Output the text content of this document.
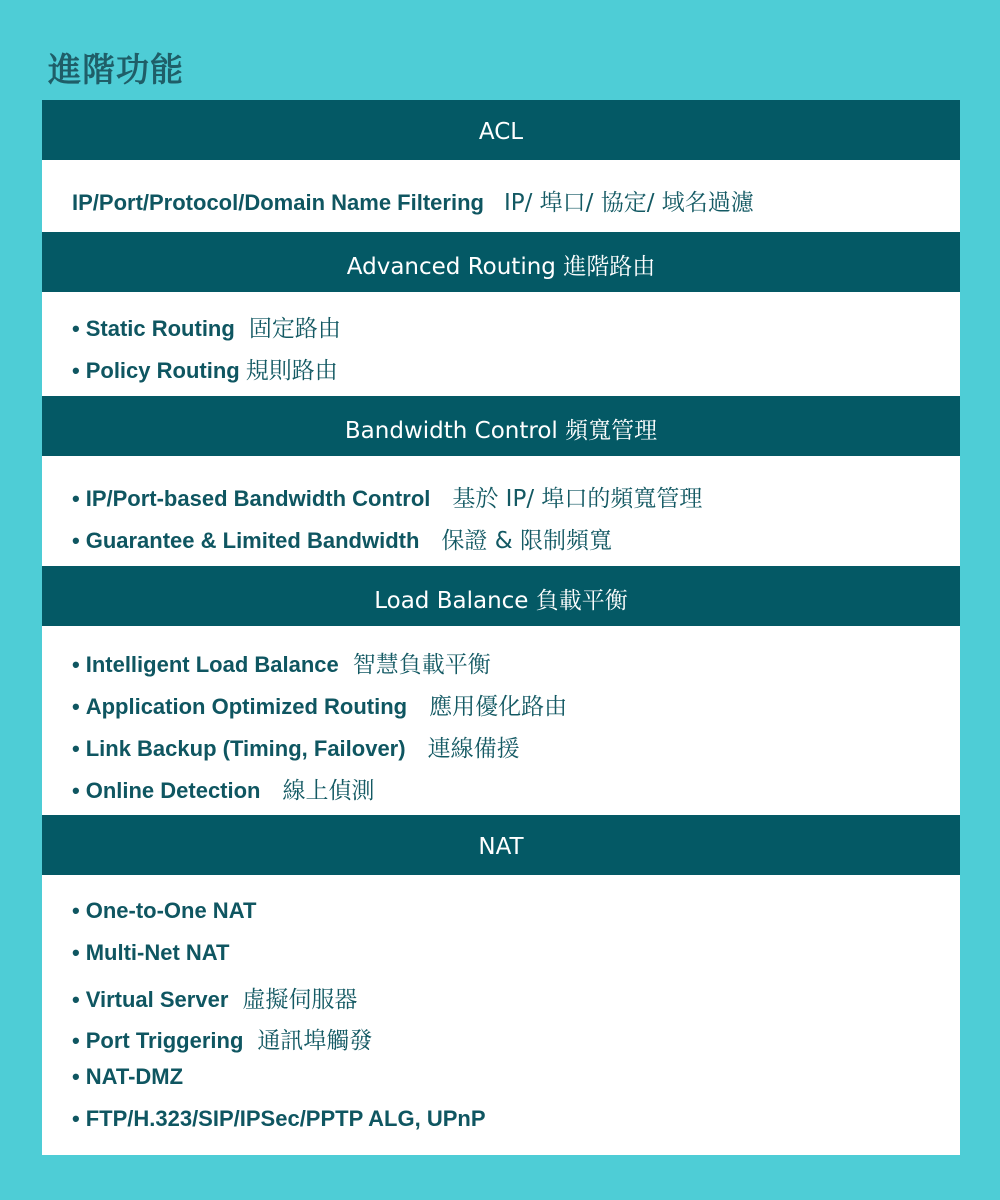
進階功能
ACL
IP/Port/Protocol/Domain Name Filtering IP/ 埠口/ 協定/ 域名過濾
Advanced Routing 進階路由
• Static Routing 固定路由
• Policy Routing 規則路由
Bandwidth Control 頻寬管理
• IP/Port-based Bandwidth Control 基於 IP/ 埠口的頻寬管理
• Guarantee & Limited Bandwidth 保證 & 限制頻寬
Load Balance 負載平衡
• Intelligent Load Balance 智慧負載平衡
• Application Optimized Routing 應用優化路由
• Link Backup (Timing, Failover) 連線備援
• Online Detection 線上偵測
NAT
• One-to-One NAT
• Multi-Net NAT
• Virtual Server 虛擬伺服器
• Port Triggering 通訊埠觸發
• NAT-DMZ
• FTP/H.323/SIP/IPSec/PPTP ALG, UPnP
